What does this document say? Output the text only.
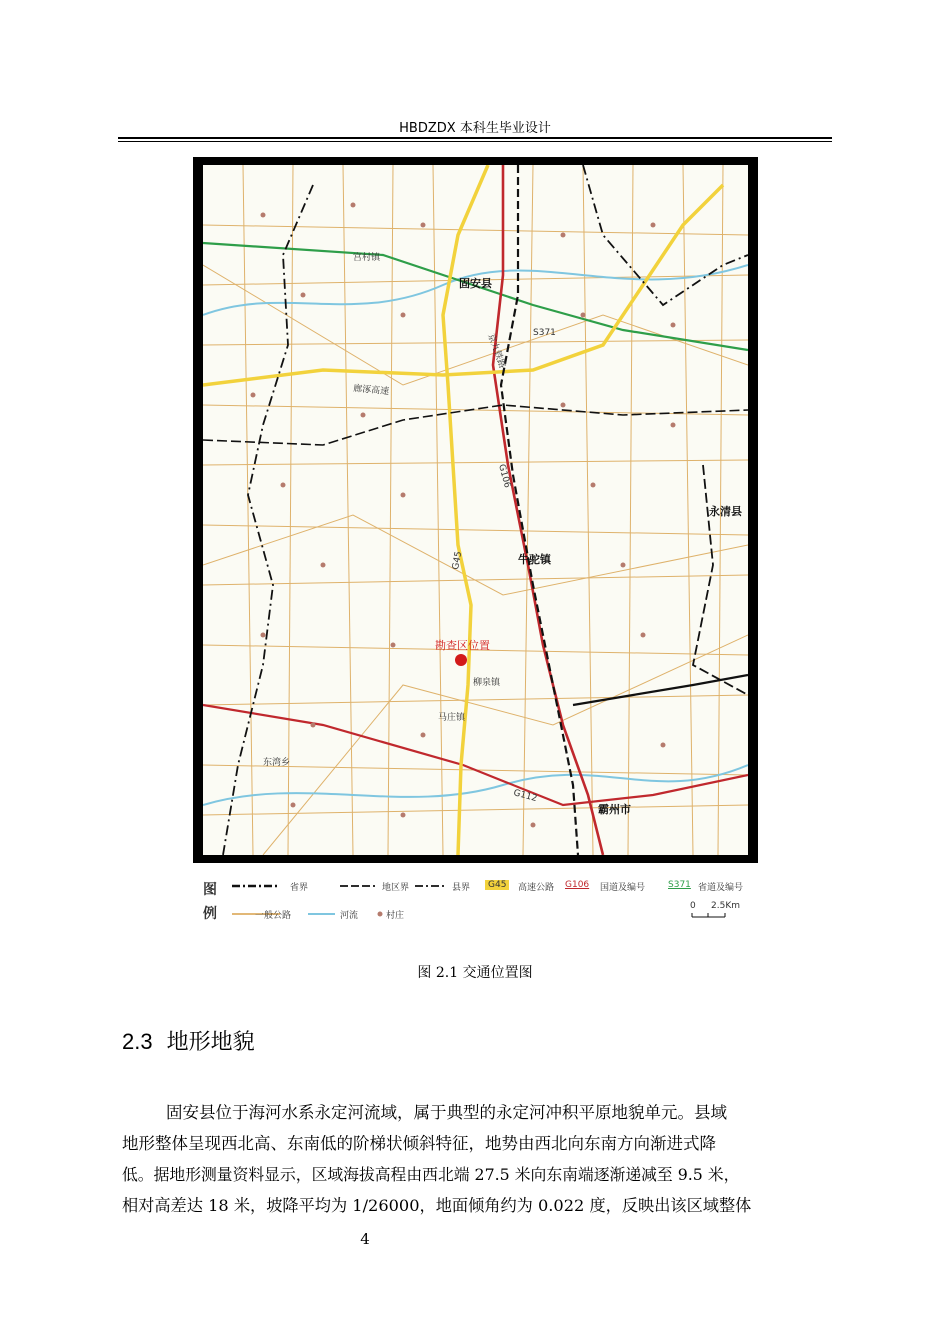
HBDZDX 本科生毕业设计
固安县
永清县
霸州市
牛驼镇
宫村镇
柳泉镇
马庄镇
东湾乡
G45
G106
G112
S371
京九铁路
廊涿高速
勘查区位置
图
例
省界	地区界	县界	G45	高速公路 G106 国道及编号	S371 省道及编号
一般公路	河流	村庄
0 2.5Km
图 2.1 交通位置图
2.3 地形地貌
固安县位于海河水系永定河流域，属于典型的永定河冲积平原地貌单元。县域
地形整体呈现西北高、东南低的阶梯状倾斜特征，地势由西北向东南方向渐进式降
低。据地形测量资料显示，区域海拔高程由西北端 27.5 米向东南端逐渐递减至 9.5 米，
相对高差达 18 米，坡降平均为 1/26000，地面倾角约为 0.022 度，反映出该区域整体
4
